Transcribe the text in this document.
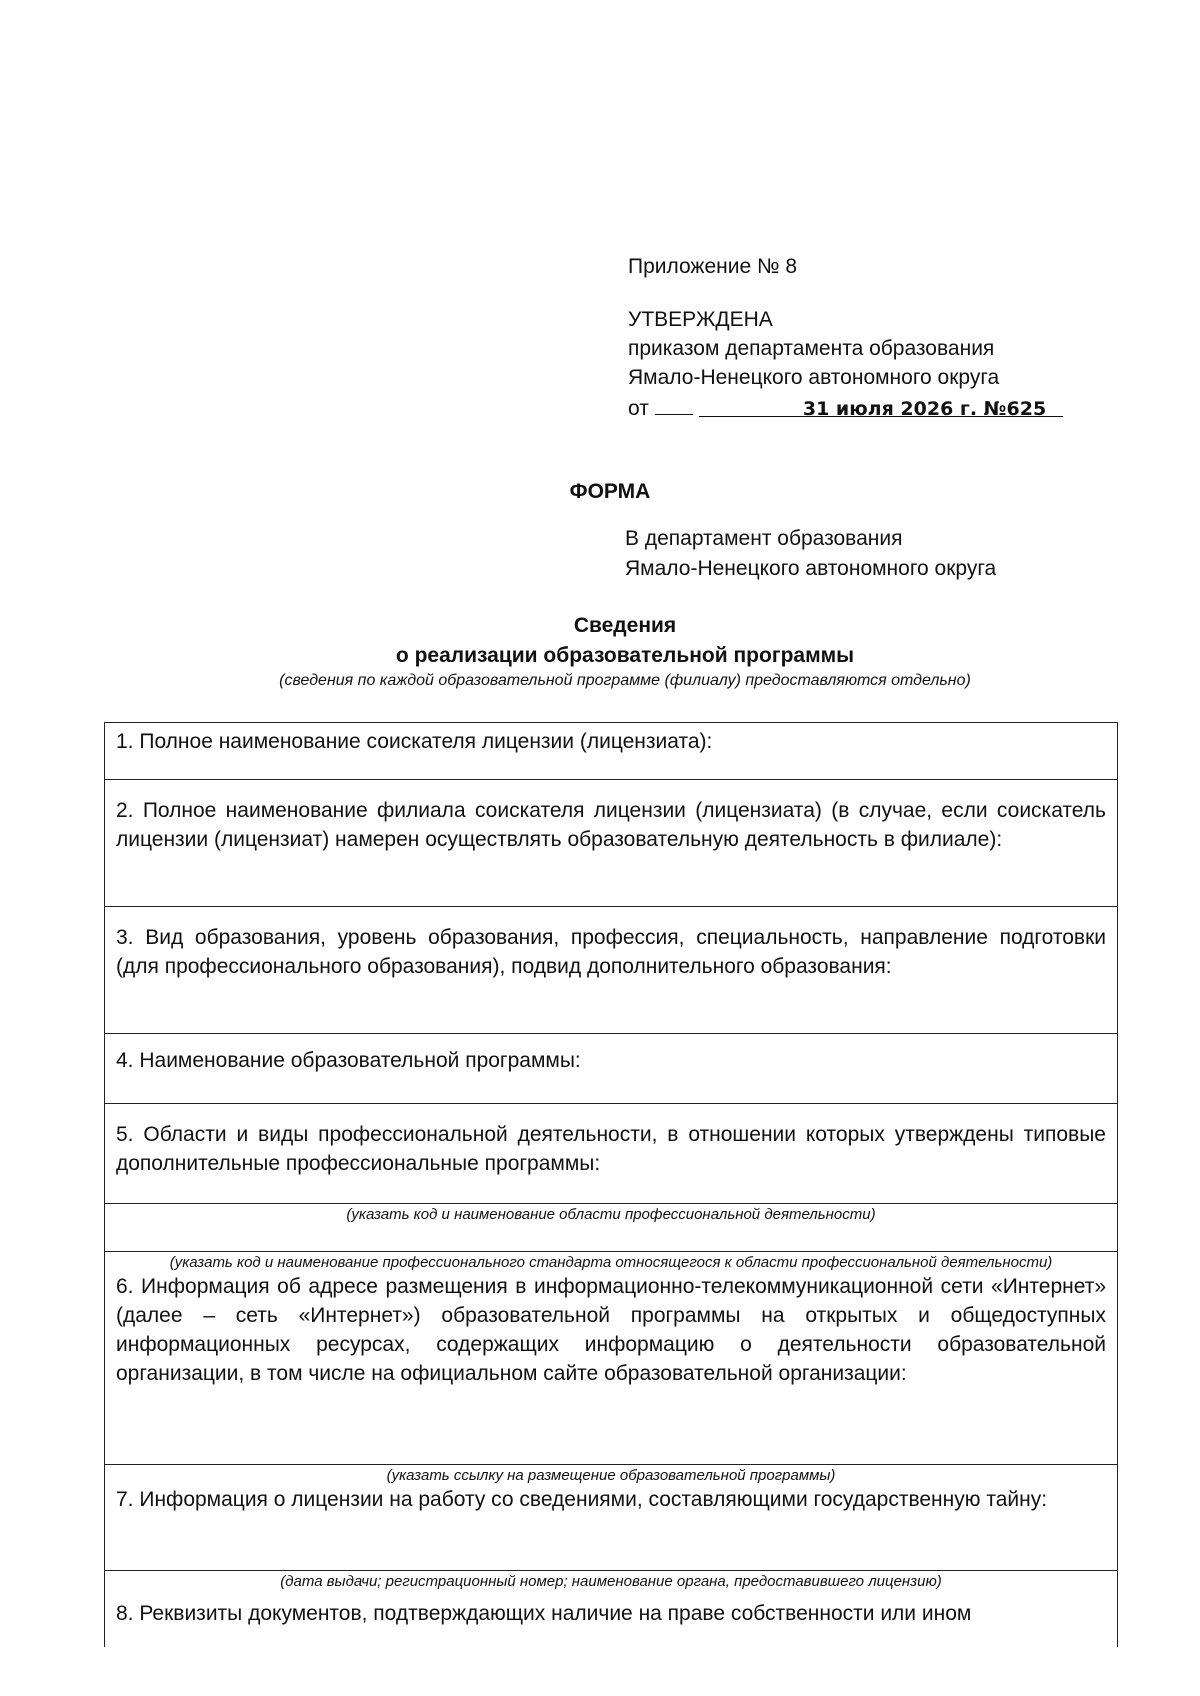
Приложение № 8
УТВЕРЖДЕНА
приказом департамента образования
Ямало-Ненецкого автономного округа
от	31 июля 2026 г. №625
ФОРМА
В департамент образования
Ямало-Ненецкого автономного округа
Сведения
о реализации образовательной программы
(сведения по каждой образовательной программе (филиалу) предоставляются отдельно)
1. Полное наименование соискателя лицензии (лицензиата):
2. Полное наименование филиала соискателя лицензии (лицензиата) (в случае, если соискатель лицензии (лицензиат) намерен осуществлять образовательную деятельность в филиале):
3. Вид образования, уровень образования, профессия, специальность, направление подготовки (для профессионального образования), подвид дополнительного образования:
4. Наименование образовательной программы:
5. Области и виды профессиональной деятельности, в отношении которых утверждены типовые дополнительные профессиональные программы:
(указать код и наименование области профессиональной деятельности)
(указать код и наименование профессионального стандарта относящегося к области профессиональной деятельности)
6. Информация об адресе размещения в информационно-телекоммуникационной сети «Интернет» (далее – сеть «Интернет») образовательной программы на открытых и общедоступных информационных ресурсах, содержащих информацию о деятельности образовательной организации, в том числе на официальном сайте образовательной организации:
(указать ссылку на размещение образовательной программы)
7. Информация о лицензии на работу со сведениями, составляющими государственную тайну:
(дата выдачи; регистрационный номер; наименование органа, предоставившего лицензию)
8. Реквизиты документов, подтверждающих наличие на праве собственности или ином
